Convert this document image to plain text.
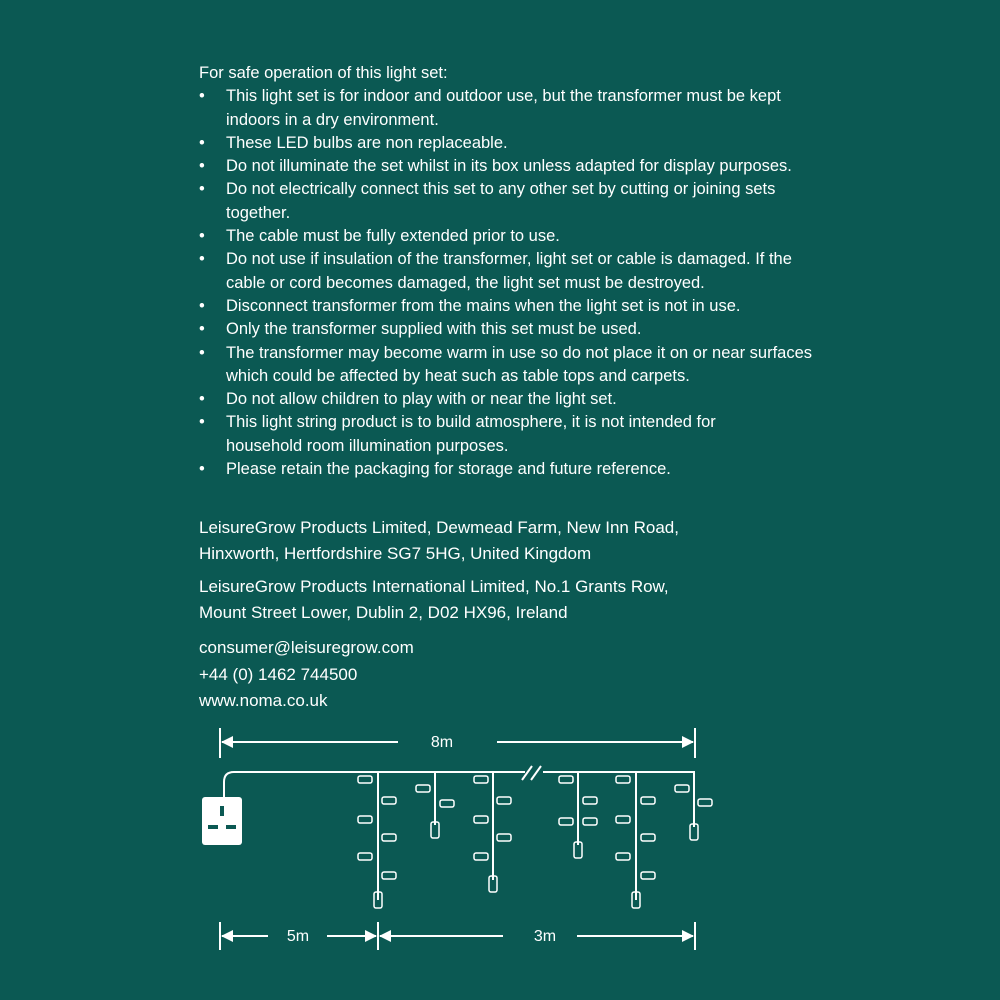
For safe operation of this light set:

• This light set is for indoor and outdoor use, but the transformer must be kept indoors in a dry environment.
• These LED bulbs are non replaceable.
• Do not illuminate the set whilst in its box unless adapted for display purposes.
• Do not electrically connect this set to any other set by cutting or joining sets together.
• The cable must be fully extended prior to use.
• Do not use if insulation of the transformer, light set or cable is damaged. If the cable or cord becomes damaged, the light set must be destroyed.
• Disconnect transformer from the mains when the light set is not in use.
• Only the transformer supplied with this set must be used.
• The transformer may become warm in use so do not place it on or near surfaces which could be affected by heat such as table tops and carpets.
• Do not allow children to play with or near the light set.
• This light string product is to build atmosphere, it is not intended for household room illumination purposes.
• Please retain the packaging for storage and future reference.
LeisureGrow Products Limited, Dewmead Farm, New Inn Road,
Hinxworth, Hertfordshire SG7 5HG, United Kingdom
LeisureGrow Products International Limited, No.1 Grants Row,
Mount Street Lower, Dublin 2, D02 HX96, Ireland
consumer@leisuregrow.com
+44 (0) 1462 744500
www.noma.co.uk
8m
5m	3m
